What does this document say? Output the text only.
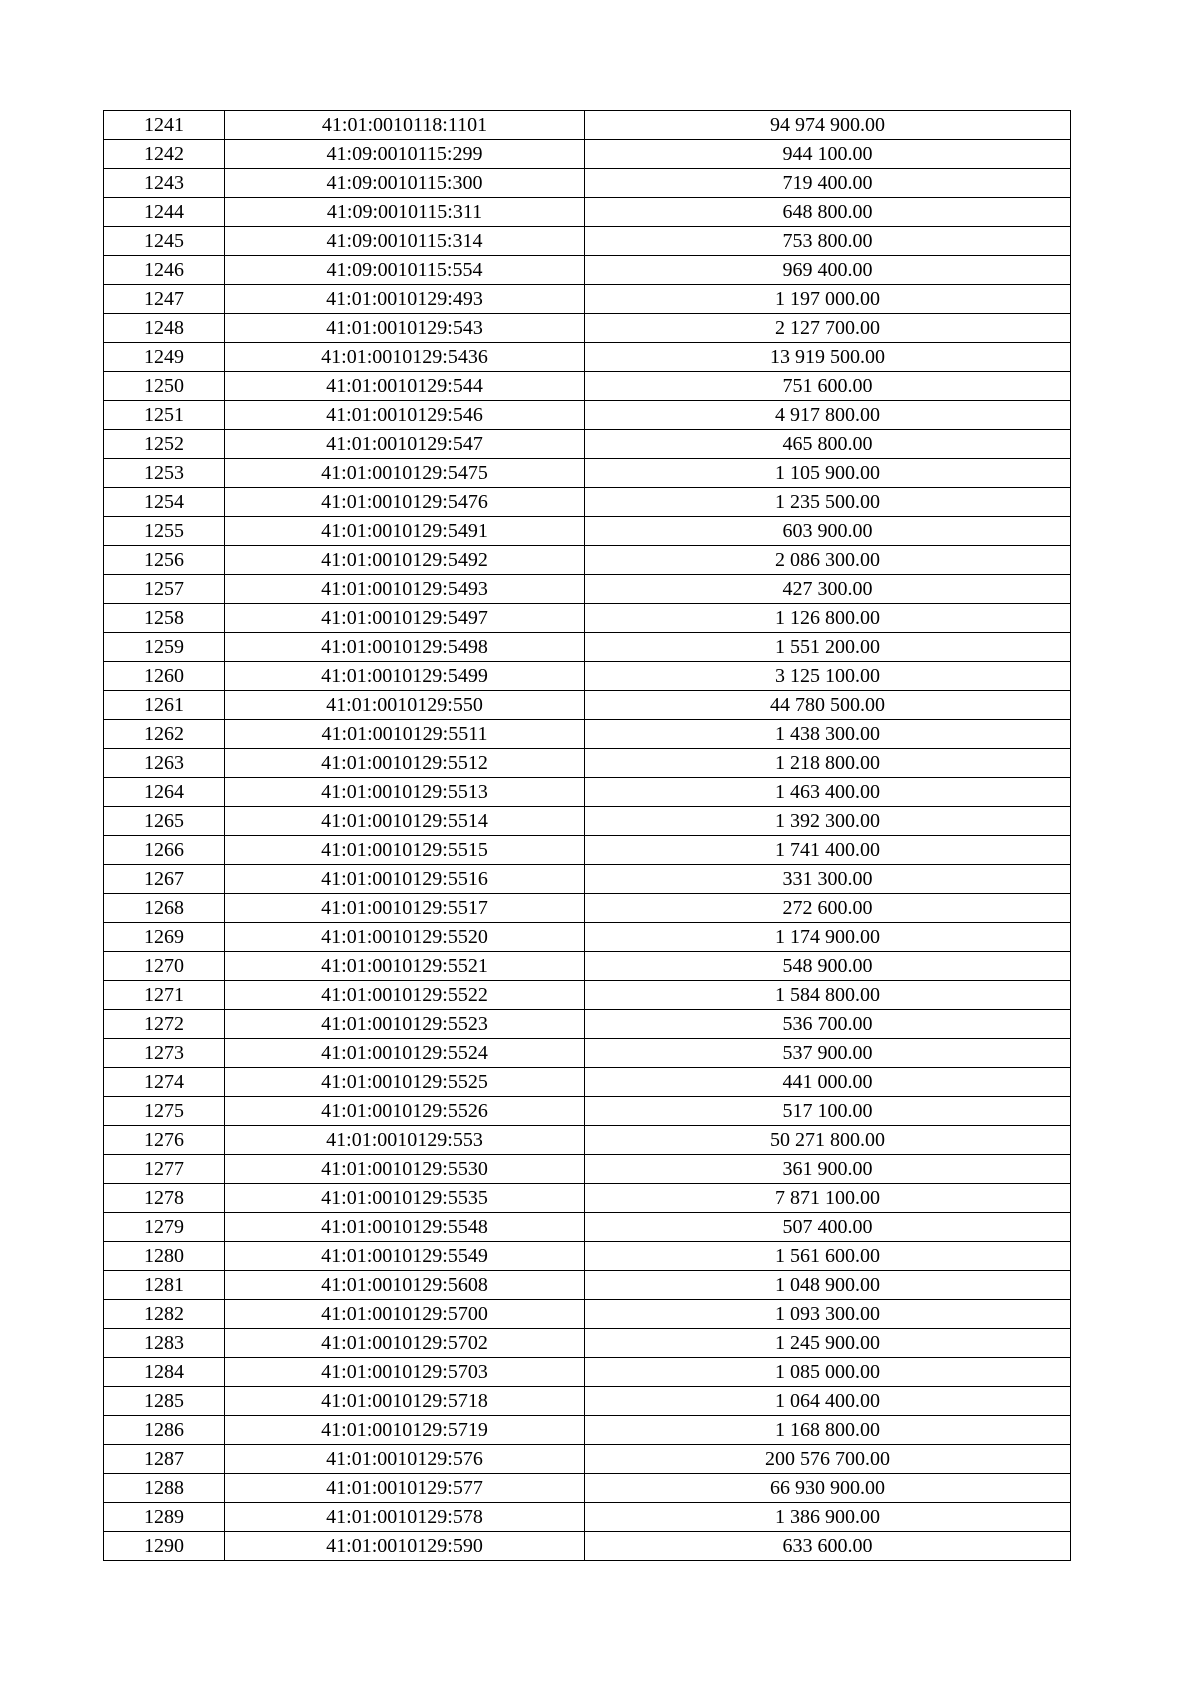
1241	41:01:0010118:1101	94 974 900.00
1242	41:09:0010115:299	944 100.00
1243	41:09:0010115:300	719 400.00
1244	41:09:0010115:311	648 800.00
1245	41:09:0010115:314	753 800.00
1246	41:09:0010115:554	969 400.00
1247	41:01:0010129:493	1 197 000.00
1248	41:01:0010129:543	2 127 700.00
1249	41:01:0010129:5436	13 919 500.00
1250	41:01:0010129:544	751 600.00
1251	41:01:0010129:546	4 917 800.00
1252	41:01:0010129:547	465 800.00
1253	41:01:0010129:5475	1 105 900.00
1254	41:01:0010129:5476	1 235 500.00
1255	41:01:0010129:5491	603 900.00
1256	41:01:0010129:5492	2 086 300.00
1257	41:01:0010129:5493	427 300.00
1258	41:01:0010129:5497	1 126 800.00
1259	41:01:0010129:5498	1 551 200.00
1260	41:01:0010129:5499	3 125 100.00
1261	41:01:0010129:550	44 780 500.00
1262	41:01:0010129:5511	1 438 300.00
1263	41:01:0010129:5512	1 218 800.00
1264	41:01:0010129:5513	1 463 400.00
1265	41:01:0010129:5514	1 392 300.00
1266	41:01:0010129:5515	1 741 400.00
1267	41:01:0010129:5516	331 300.00
1268	41:01:0010129:5517	272 600.00
1269	41:01:0010129:5520	1 174 900.00
1270	41:01:0010129:5521	548 900.00
1271	41:01:0010129:5522	1 584 800.00
1272	41:01:0010129:5523	536 700.00
1273	41:01:0010129:5524	537 900.00
1274	41:01:0010129:5525	441 000.00
1275	41:01:0010129:5526	517 100.00
1276	41:01:0010129:553	50 271 800.00
1277	41:01:0010129:5530	361 900.00
1278	41:01:0010129:5535	7 871 100.00
1279	41:01:0010129:5548	507 400.00
1280	41:01:0010129:5549	1 561 600.00
1281	41:01:0010129:5608	1 048 900.00
1282	41:01:0010129:5700	1 093 300.00
1283	41:01:0010129:5702	1 245 900.00
1284	41:01:0010129:5703	1 085 000.00
1285	41:01:0010129:5718	1 064 400.00
1286	41:01:0010129:5719	1 168 800.00
1287	41:01:0010129:576	200 576 700.00
1288	41:01:0010129:577	66 930 900.00
1289	41:01:0010129:578	1 386 900.00
1290	41:01:0010129:590	633 600.00
